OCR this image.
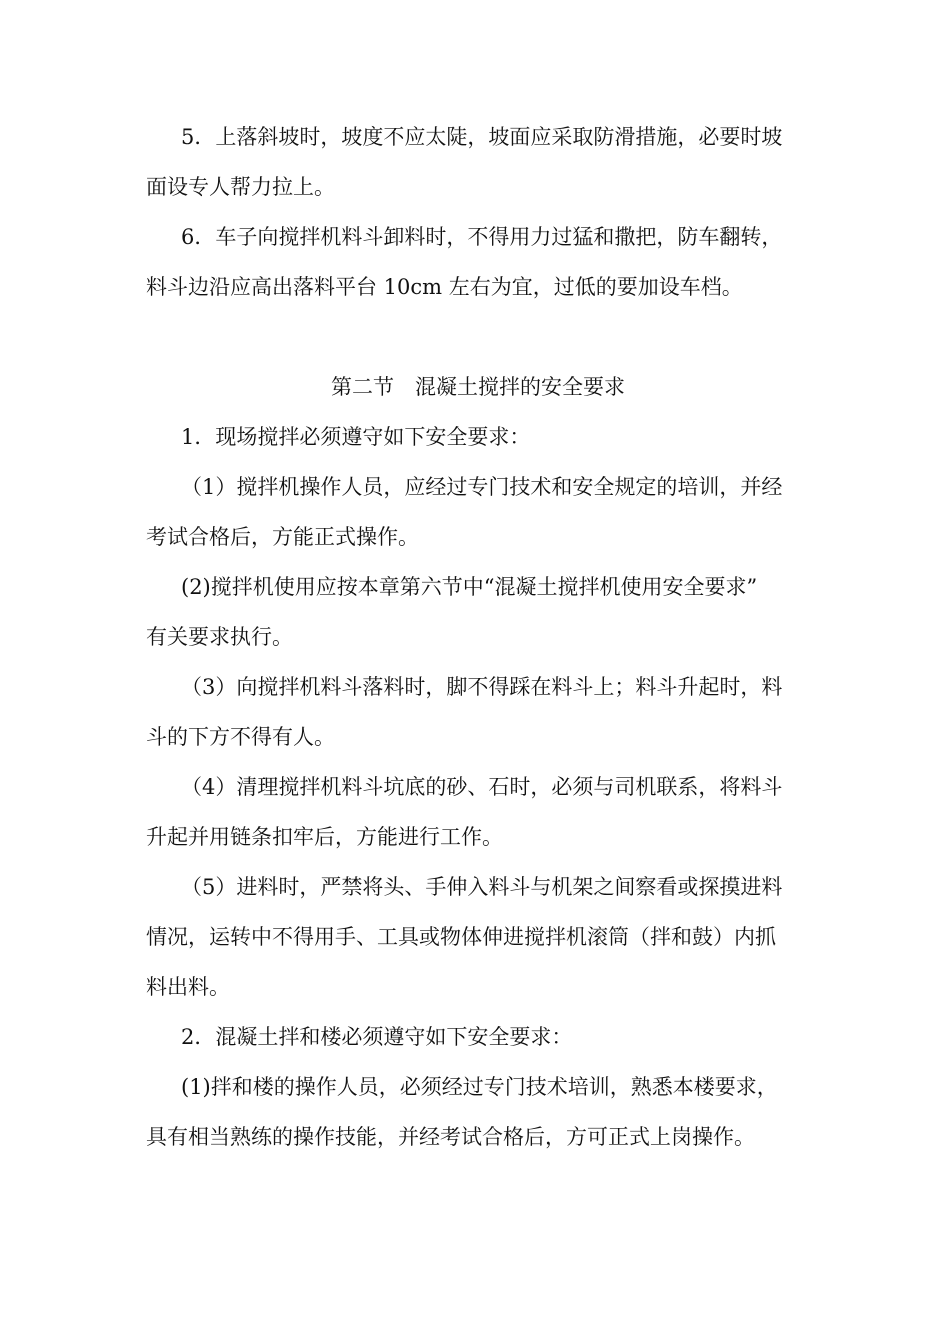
5．上落斜坡时，坡度不应太陡，坡面应采取防滑措施，必要时坡

面设专人帮力拉上。

6．车子向搅拌机料斗卸料时，不得用力过猛和撒把，防车翻转，

料斗边沿应高出落料平台 10cm 左右为宜，过低的要加设车档。

第二节　混凝土搅拌的安全要求

1．现场搅拌必须遵守如下安全要求：

（1）搅拌机操作人员，应经过专门技术和安全规定的培训，并经

考试合格后，方能正式操作。

(2)搅拌机使用应按本章第六节中“混凝土搅拌机使用安全要求”

有关要求执行。

（3）向搅拌机料斗落料时，脚不得踩在料斗上；料斗升起时，料

斗的下方不得有人。

（4）清理搅拌机料斗坑底的砂、石时，必须与司机联系，将料斗

升起并用链条扣牢后，方能进行工作。

（5）进料时，严禁将头、手伸入料斗与机架之间察看或探摸进料

情况，运转中不得用手、工具或物体伸进搅拌机滚筒（拌和鼓）内抓

料出料。

2．混凝土拌和楼必须遵守如下安全要求：

(1)拌和楼的操作人员，必须经过专门技术培训，熟悉本楼要求，

具有相当熟练的操作技能，并经考试合格后，方可正式上岗操作。
